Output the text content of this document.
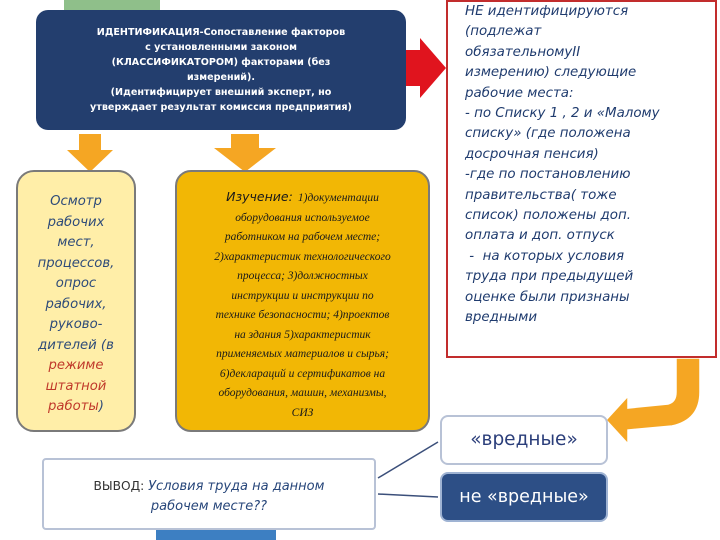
ИДЕНТИФИКАЦИЯ-Сопоставление факторов
с установленными законом
(КЛАССИФИКАТОРОМ) факторами (без
измерений).
(Идентифицирует внешний эксперт, но
утверждает результат комиссия предприятия)
Осмотр
рабочих
мест,
процессов,
опрос
рабочих,
руково-
дителей (в
режиме
штатной
работы)
Изучение: 1)документации
оборудования используемое
работником на рабочем месте;
2)характеристик технологического
процесса; 3)должностных
инструкции и инструкции по
технике безопасности; 4)проектов
на здания 5)характеристик
применяемых материалов и сырья;
6)деклараций и сертификатов на
оборудования, машин, механизмы,
СИЗ
НЕ идентифицируются
(подлежат
обязательномуII
измерению) следующие
рабочие места:
- по Списку 1 , 2 и «Малому
списку» (где положена
досрочная пенсия)
-где по постановлению
правительства( тоже
список) положены доп.
оплата и доп. отпуск
-  на которых условия
труда при предыдущей
оценке были признаны
вредными
ВЫВОД: Условия труда на данном
рабочем месте??
«вредные»
не «вредные»
